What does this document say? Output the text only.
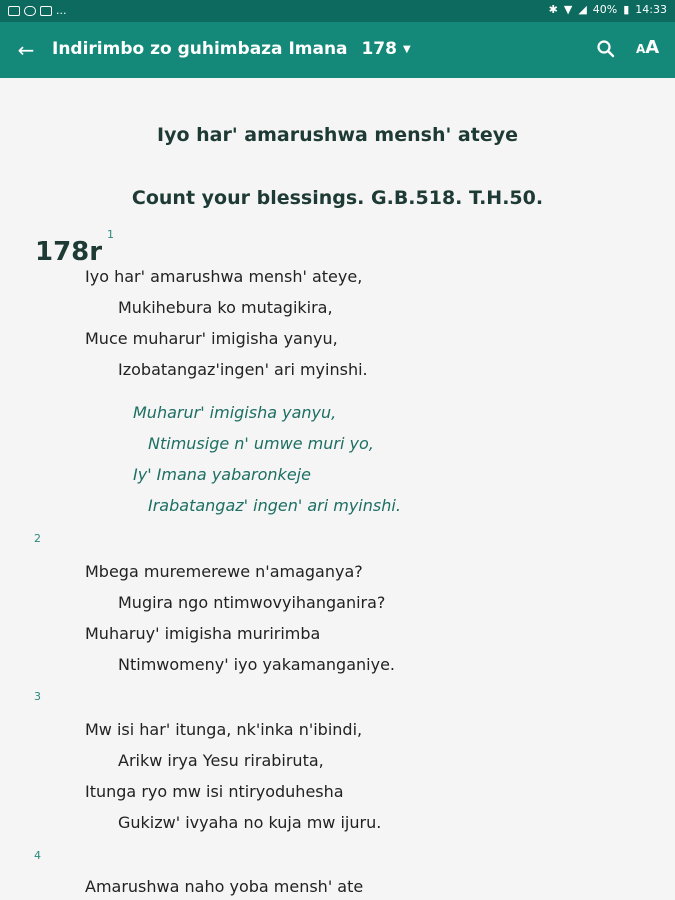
...	✱ ▼ ◢ 40% ▮ 14:33
←	Indirimbo zo guhimbaza Imana 178 ▼	AA
Iyo har' amarushwa mensh' ateye
Count your blessings. G.B.518. T.H.50.
178r
1
Iyo har' amarushwa mensh' ateye,
Mukihebura ko mutagikira,
Muce muharur' imigisha yanyu,
Izobatangaz'ingen' ari myinshi.
Muharur' imigisha yanyu,
Ntimusige n' umwe muri yo,
Iy' Imana yabaronkeje
Irabatangaz' ingen' ari myinshi.
2
Mbega muremerewe n'amaganya?
Mugira ngo ntimwovyihanganira?
Muharuy' imigisha muririmba
Ntimwomeny' iyo yakamanganiye.
3
Mw isi har' itunga, nk'inka n'ibindi,
Arikw irya Yesu rirabiruta,
Itunga ryo mw isi ntiryoduhesha
Gukizw' ivyaha no kuja mw ijuru.
4
Amarushwa naho yoba mensh' ate
